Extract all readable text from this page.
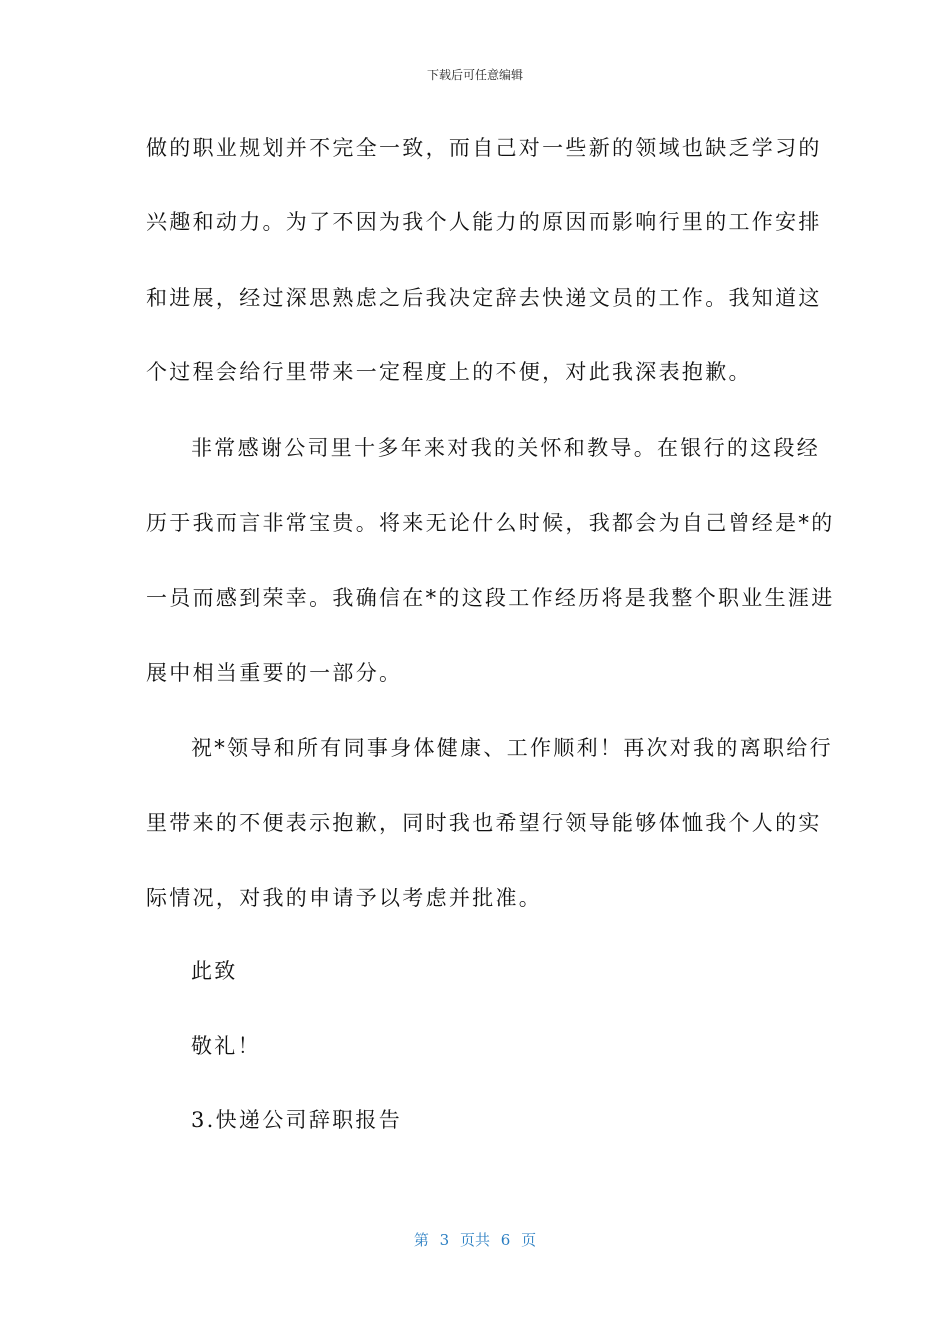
下载后可任意编辑
做的职业规划并不完全一致，而自己对一些新的领域也缺乏学习的
兴趣和动力。为了不因为我个人能力的原因而影响行里的工作安排
和进展，经过深思熟虑之后我决定辞去快递文员的工作。我知道这
个过程会给行里带来一定程度上的不便，对此我深表抱歉。
非常感谢公司里十多年来对我的关怀和教导。在银行的这段经
历于我而言非常宝贵。将来无论什么时候，我都会为自己曾经是*的
一员而感到荣幸。我确信在*的这段工作经历将是我整个职业生涯进
展中相当重要的一部分。
祝*领导和所有同事身体健康、工作顺利！再次对我的离职给行
里带来的不便表示抱歉，同时我也希望行领导能够体恤我个人的实
际情况，对我的申请予以考虑并批准。
此致
敬礼！
3.快递公司辞职报告
第 3 页共 6 页
